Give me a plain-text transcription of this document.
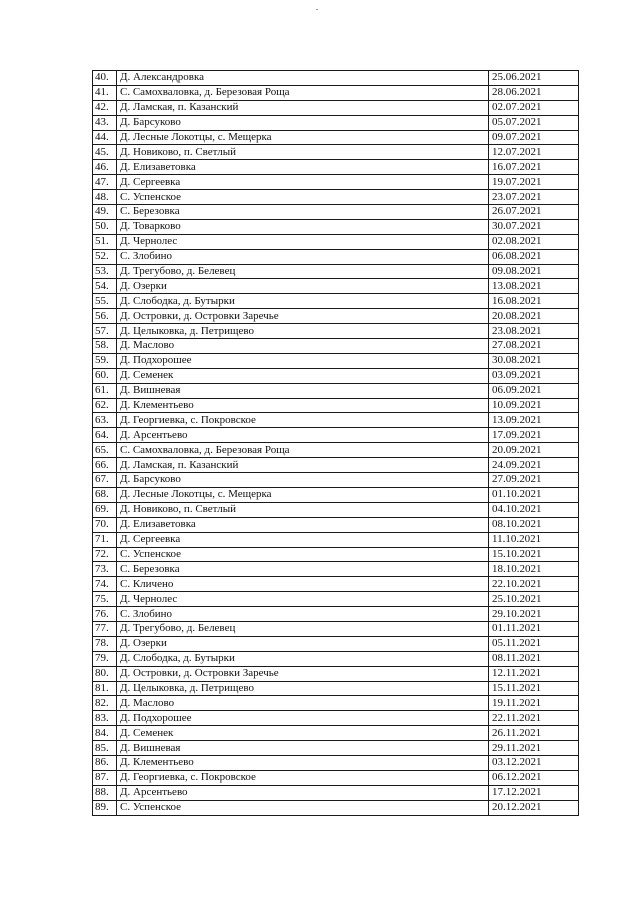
40.	Д. Александровка	25.06.2021
41.	С. Самохваловка, д. Березовая Роща	28.06.2021
42.	Д. Ламская, п. Казанский	02.07.2021
43.	Д. Барсуково	05.07.2021
44.	Д. Лесные Локотцы, с. Мещерка	09.07.2021
45.	Д. Новиково, п. Светлый	12.07.2021
46.	Д. Елизаветовка	16.07.2021
47.	Д. Сергеевка	19.07.2021
48.	С. Успенское	23.07.2021
49.	С. Березовка	26.07.2021
50.	Д. Товарково	30.07.2021
51.	Д. Чернолес	02.08.2021
52.	С. Злобино	06.08.2021
53.	Д. Трегубово, д. Белевец	09.08.2021
54.	Д. Озерки	13.08.2021
55.	Д. Слободка, д. Бутырки	16.08.2021
56.	Д. Островки, д. Островки Заречье	20.08.2021
57.	Д. Целыковка, д. Петрищево	23.08.2021
58.	Д. Маслово	27.08.2021
59.	Д. Подхорошее	30.08.2021
60.	Д. Семенек	03.09.2021
61.	Д. Вишневая	06.09.2021
62.	Д. Клементьево	10.09.2021
63.	Д. Георгиевка, с. Покровское	13.09.2021
64.	Д. Арсентьево	17.09.2021
65.	С. Самохваловка, д. Березовая Роща	20.09.2021
66.	Д. Ламская, п. Казанский	24.09.2021
67.	Д. Барсуково	27.09.2021
68.	Д. Лесные Локотцы, с. Мещерка	01.10.2021
69.	Д. Новиково, п. Светлый	04.10.2021
70.	Д. Елизаветовка	08.10.2021
71.	Д. Сергеевка	11.10.2021
72.	С. Успенское	15.10.2021
73.	С. Березовка	18.10.2021
74.	С. Кличено	22.10.2021
75.	Д. Чернолес	25.10.2021
76.	С. Злобино	29.10.2021
77.	Д. Трегубово, д. Белевец	01.11.2021
78.	Д. Озерки	05.11.2021
79.	Д. Слободка, д. Бутырки	08.11.2021
80.	Д. Островки, д. Островки Заречье	12.11.2021
81.	Д. Целыковка, д. Петрищево	15.11.2021
82.	Д. Маслово	19.11.2021
83.	Д. Подхорошее	22.11.2021
84.	Д. Семенек	26.11.2021
85.	Д. Вишневая	29.11.2021
86.	Д. Клементьево	03.12.2021
87.	Д. Георгиевка, с. Покровское	06.12.2021
88.	Д. Арсентьево	17.12.2021
89.	С. Успенское	20.12.2021
